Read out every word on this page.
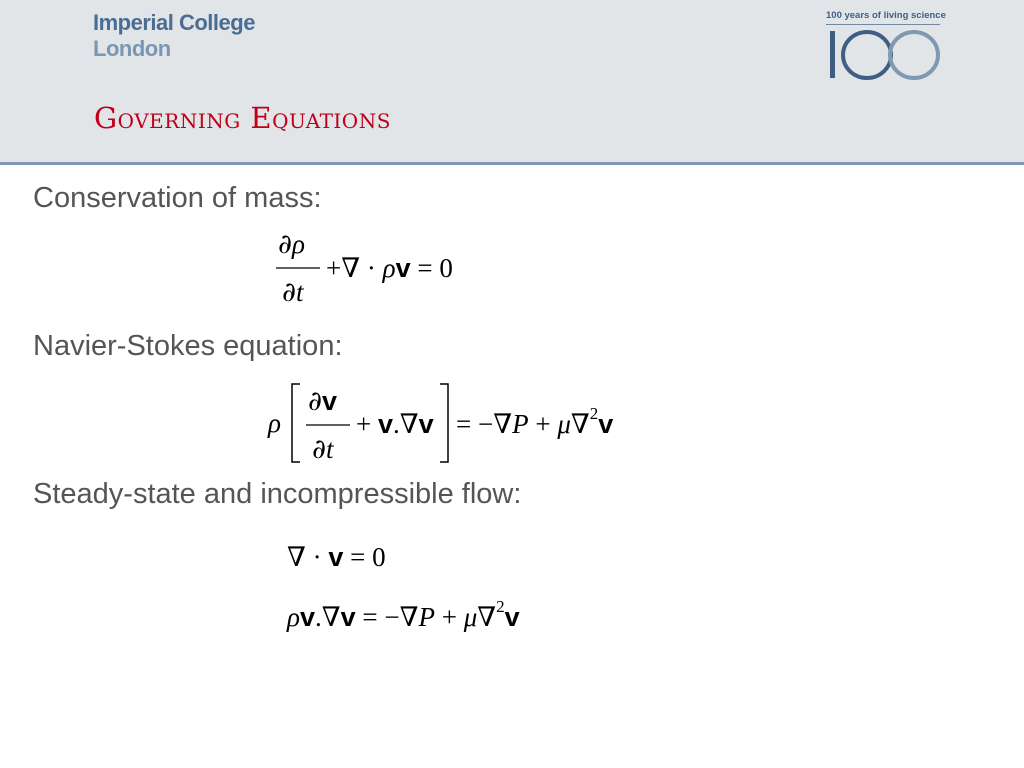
Imperial College
London
100 years of living science
Governing Equations
Conservation of mass:
∂ρ
∂t
+∇ · ρv = 0
Navier-Stokes equation:
ρ
∂v
∂t
+ v.∇v = −∇P + μ∇$^2$v
Steady-state and incompressible flow:
∇ · v = 0
ρv.∇v = −∇P + μ∇$^2$v
